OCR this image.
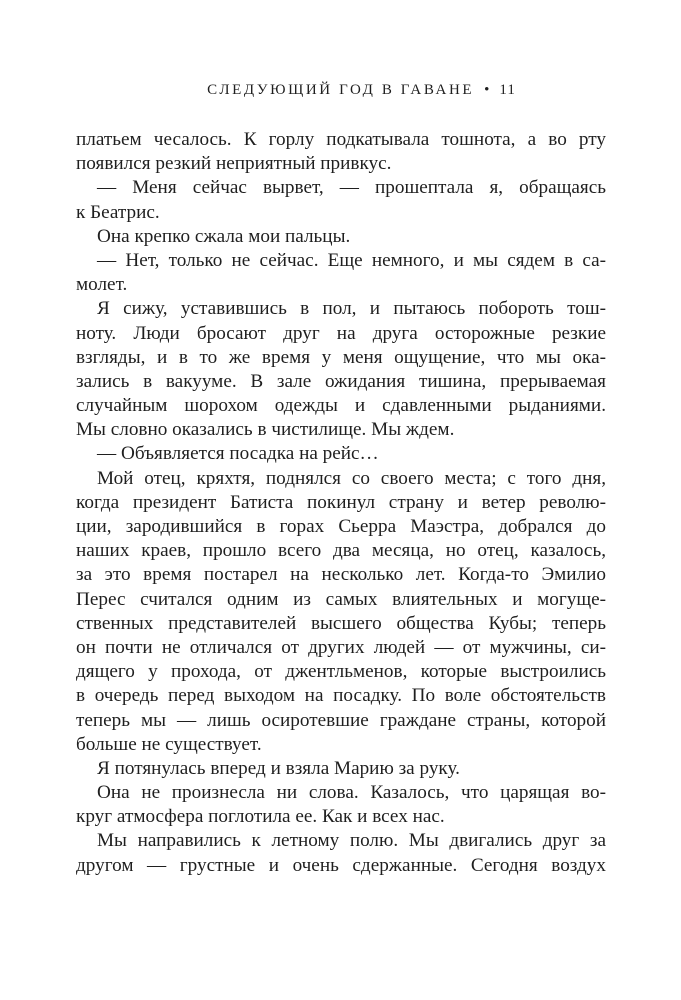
СЛЕДУЮЩИЙ ГОД В ГАВАНЕ • 11
платьем чесалось. К горлу подкатывала тошнота, а во рту
появился резкий неприятный привкус.
— Меня сейчас вырвет, — прошептала я, обращаясь
к Беатрис.
Она крепко сжала мои пальцы.
— Нет, только не сейчас. Еще немного, и мы сядем в са-
молет.
Я сижу, уставившись в пол, и пытаюсь побороть тош-
ноту. Люди бросают друг на друга осторожные резкие
взгляды, и в то же время у меня ощущение, что мы ока-
зались в вакууме. В зале ожидания тишина, прерываемая
случайным шорохом одежды и сдавленными рыданиями.
Мы словно оказались в чистилище. Мы ждем.
— Объявляется посадка на рейс…
Мой отец, кряхтя, поднялся со своего места; с того дня,
когда президент Батиста покинул страну и ветер револю-
ции, зародившийся в горах Сьерра Маэстра, добрался до
наших краев, прошло всего два месяца, но отец, казалось,
за это время постарел на несколько лет. Когда-то Эмилио
Перес считался одним из самых влиятельных и могуще-
ственных представителей высшего общества Кубы; теперь
он почти не отличался от других людей — от мужчины, си-
дящего у прохода, от джентльменов, которые выстроились
в очередь перед выходом на посадку. По воле обстоятельств
теперь мы — лишь осиротевшие граждане страны, которой
больше не существует.
Я потянулась вперед и взяла Марию за руку.
Она не произнесла ни слова. Казалось, что царящая во-
круг атмосфера поглотила ее. Как и всех нас.
Мы направились к летному полю. Мы двигались друг за
другом — грустные и очень сдержанные. Сегодня воздух
